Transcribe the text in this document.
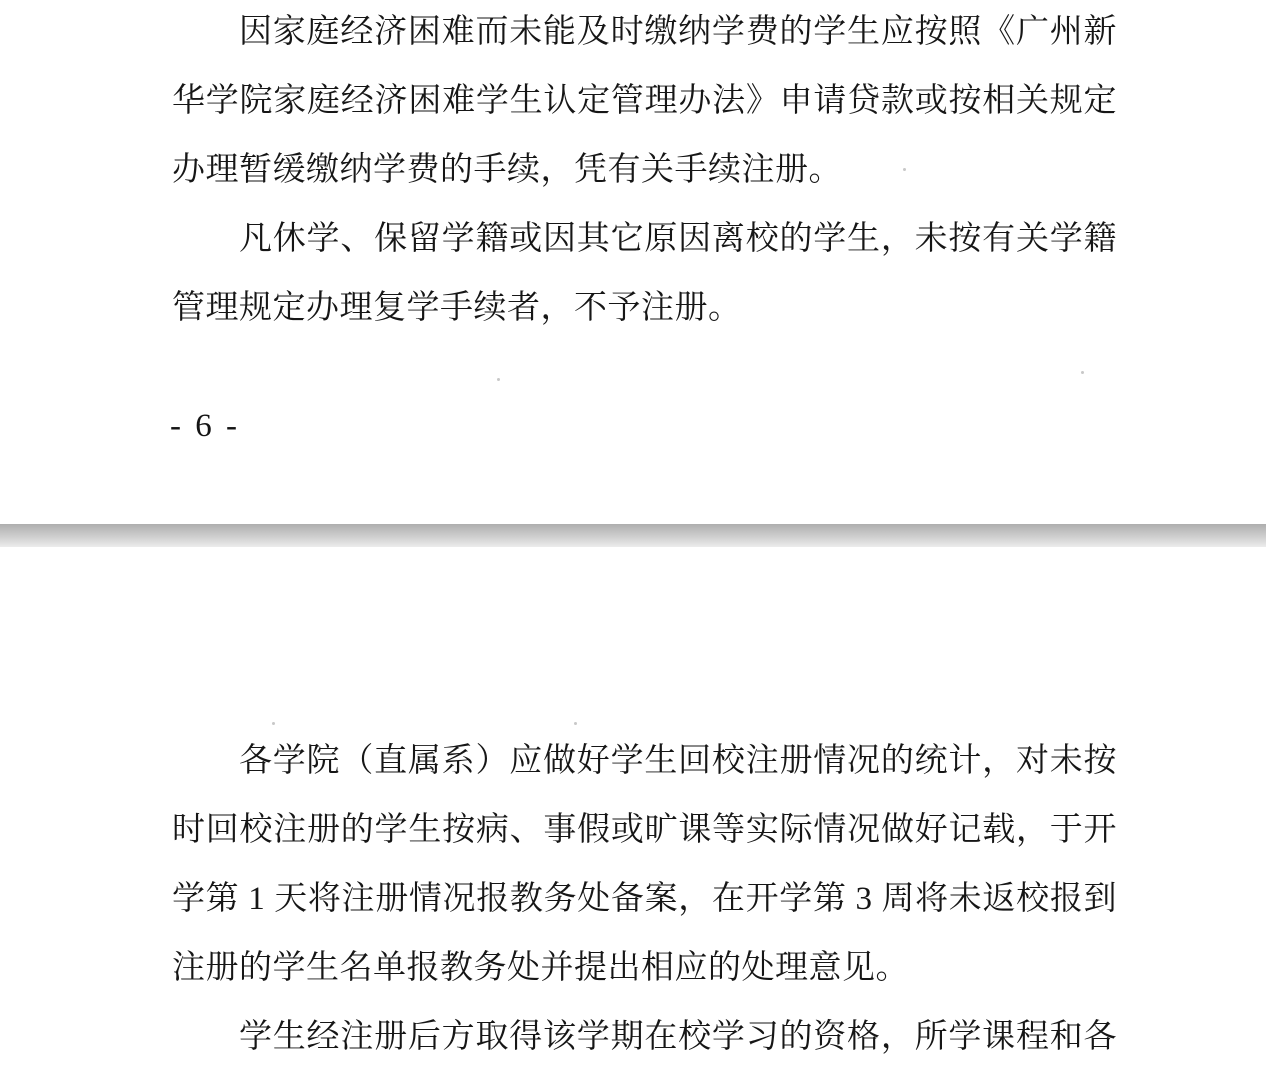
因家庭经济困难而未能及时缴纳学费的学生应按照《广州新
华学院家庭经济困难学生认定管理办法》申请贷款或按相关规定
办理暂缓缴纳学费的手续，凭有关手续注册。
凡休学、保留学籍或因其它原因离校的学生，未按有关学籍
管理规定办理复学手续者，不予注册。
- 6 -
各学院（直属系）应做好学生回校注册情况的统计，对未按
时回校注册的学生按病、事假或旷课等实际情况做好记载，于开
学第 1 天将注册情况报教务处备案，在开学第 3 周将未返校报到
注册的学生名单报教务处并提出相应的处理意见。
学生经注册后方取得该学期在校学习的资格，所学课程和各
